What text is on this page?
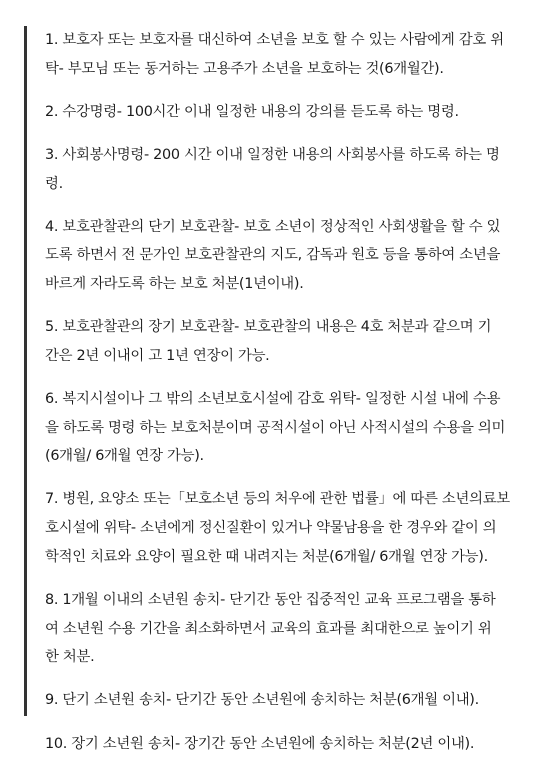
1. 보호자 또는 보호자를 대신하여 소년을 보호 할 수 있는 사람에게 감호 위
탁- 부모님 또는 동거하는 고용주가 소년을 보호하는 것(6개월간).

2. 수강명령- 100시간 이내 일정한 내용의 강의를 듣도록 하는 명령.

3. 사회봉사명령- 200 시간 이내 일정한 내용의 사회봉사를 하도록 하는 명
령.

4. 보호관찰관의 단기 보호관찰- 보호 소년이 정상적인 사회생활을 할 수 있
도록 하면서 전 문가인 보호관찰관의 지도, 감독과 원호 등을 통하여 소년을
바르게 자라도록 하는 보호 처분(1년이내).

5. 보호관찰관의 장기 보호관찰- 보호관찰의 내용은 4호 처분과 같으며 기
간은 2년 이내이 고 1년 연장이 가능.

6. 복지시설이나 그 밖의 소년보호시설에 감호 위탁- 일정한 시설 내에 수용
을 하도록 명령 하는 보호처분이며 공적시설이 아닌 사적시설의 수용을 의미
(6개월/ 6개월 연장 가능).

7. 병원, 요양소 또는「보호소년 등의 처우에 관한 법률」에 따른 소년의료보
호시설에 위탁- 소년에게 정신질환이 있거나 약물남용을 한 경우와 같이 의
학적인 치료와 요양이 필요한 때 내려지는 처분(6개월/ 6개월 연장 가능).

8. 1개월 이내의 소년원 송치- 단기간 동안 집중적인 교육 프로그램을 통하
여 소년원 수용 기간을 최소화하면서 교육의 효과를 최대한으로 높이기 위
한 처분.

9. 단기 소년원 송치- 단기간 동안 소년원에 송치하는 처분(6개월 이내).

10. 장기 소년원 송치- 장기간 동안 소년원에 송치하는 처분(2년 이내).
